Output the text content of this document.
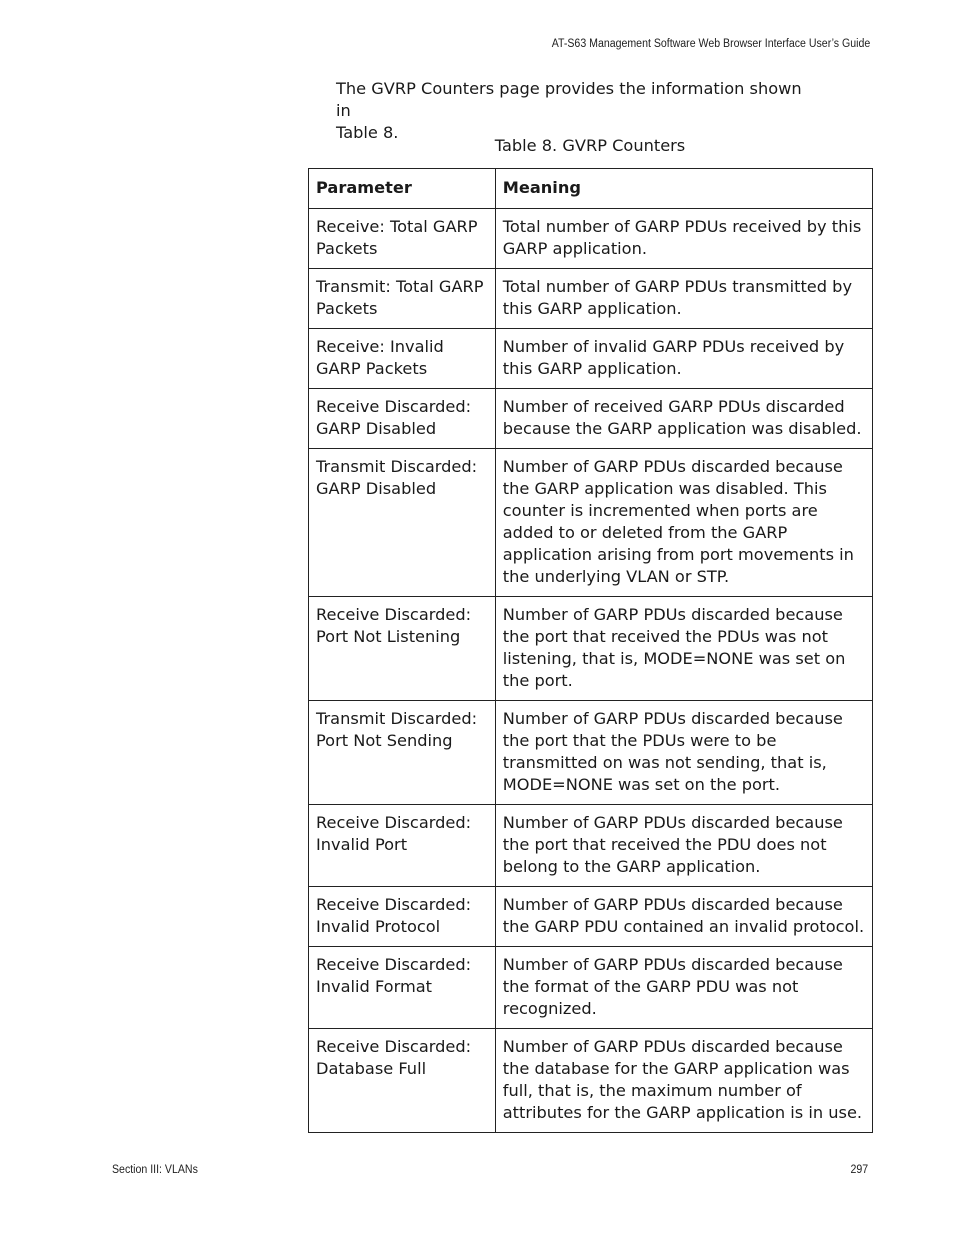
AT-S63 Management Software Web Browser Interface User’s Guide
The GVRP Counters page provides the information shown in
Table 8.
Table 8. GVRP Counters
Parameter	Meaning
Receive: Total GARP Packets	Total number of GARP PDUs received by this GARP application.
Transmit: Total GARP Packets	Total number of GARP PDUs transmitted by this GARP application.
Receive: Invalid GARP Packets	Number of invalid GARP PDUs received by this GARP application.
Receive Discarded: GARP Disabled	Number of received GARP PDUs discarded because the GARP application was disabled.
Transmit Discarded: GARP Disabled	Number of GARP PDUs discarded because the GARP application was disabled. This counter is incremented when ports are added to or deleted from the GARP application arising from port movements in the underlying VLAN or STP.
Receive Discarded: Port Not Listening	Number of GARP PDUs discarded because the port that received the PDUs was not listening, that is, MODE=NONE was set on the port.
Transmit Discarded: Port Not Sending	Number of GARP PDUs discarded because the port that the PDUs were to be transmitted on was not sending, that is, MODE=NONE was set on the port.
Receive Discarded: Invalid Port	Number of GARP PDUs discarded because the port that received the PDU does not belong to the GARP application.
Receive Discarded: Invalid Protocol	Number of GARP PDUs discarded because the GARP PDU contained an invalid protocol.
Receive Discarded: Invalid Format	Number of GARP PDUs discarded because the format of the GARP PDU was not recognized.
Receive Discarded: Database Full	Number of GARP PDUs discarded because the database for the GARP application was full, that is, the maximum number of attributes for the GARP application is in use.
Section III: VLANs	297
